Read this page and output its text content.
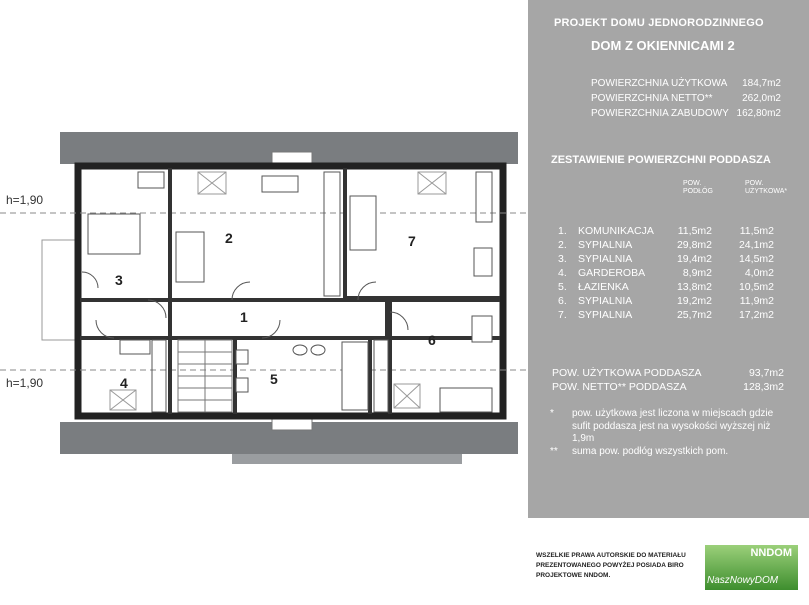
h=1,90
h=1,90
1
2
3
4	5
6
7
PROJEKT DOMU JEDNORODZINNEGO
DOM Z OKIENNICAMI 2
POWIERZCHNIA UŻYTKOWA 184,7m2
POWIERZCHNIA NETTO**	262,0m2
POWIERZCHNIA ZABUDOWY 162,80m2
ZESTAWIENIE POWIERZCHNI PODDASZA
POW.
PODŁÓG
POW.
UŻYTKOWA*
1. KOMUNIKACJA 11,5m2	11,5m2
2. SYPIALNIA	29,8m2	24,1m2
3. SYPIALNIA	19,4m2	14,5m2
4. GARDEROBA	8,9m2	4,0m2
5. ŁAZIENKA	13,8m2	10,5m2
6. SYPIALNIA	19,2m2	11,9m2
7. SYPIALNIA	25,7m2	17,2m2
POW. UŻYTKOWA PODDASZA	93,7m2
POW. NETTO** PODDASZA	128,3m2
*	pow. użytkowa jest liczona w miejscach gdzie sufit poddasza jest na wysokości wyższej niż 1,9m
**	suma pow. podłóg wszystkich pom.
WSZELKIE PRAWA AUTORSKIE DO MATERIAŁU PREZENTOWANEGO POWYŻEJ POSIADA BIRO PROJEKTOWE NNDOM.
NNDOM
NaszNowyDOM
